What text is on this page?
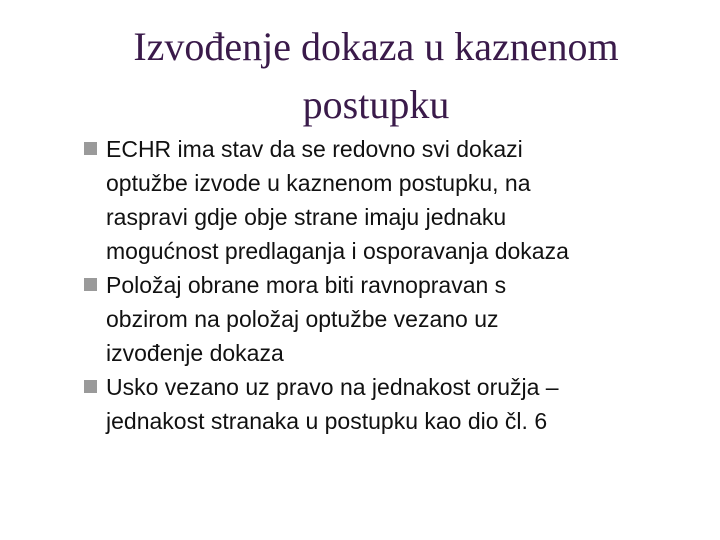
Izvođenje dokaza u kaznenom
postupku
ECHR ima stav da se redovno svi dokazi
optužbe izvode u kaznenom postupku, na
raspravi gdje obje strane imaju jednaku
mogućnost predlaganja i osporavanja dokaza
Položaj obrane mora biti ravnopravan s
obzirom na položaj optužbe vezano uz
izvođenje dokaza
Usko vezano uz pravo na jednakost oružja –
jednakost stranaka u postupku kao dio čl. 6
